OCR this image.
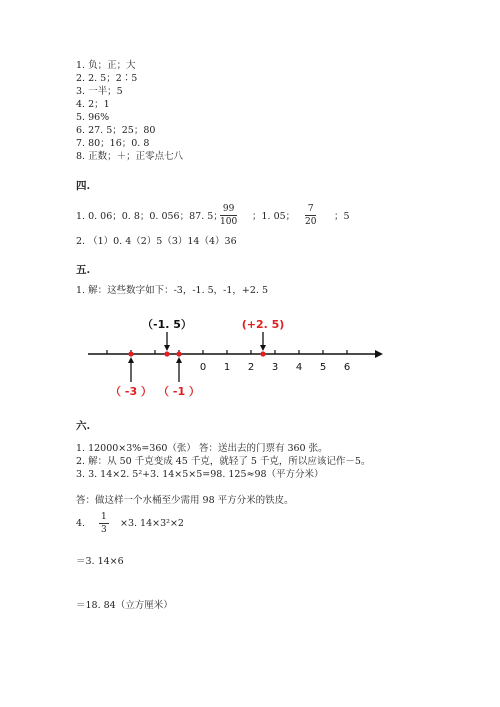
1. 负；正；大
2. 2. 5；2∶5
3. 一半；5
4. 2；1
5. 96%
6. 27. 5；25；80
7. 80；16；0. 8
8. 正数；＋；正零点七八
四.
1. 0. 06；0. 8；0. 056；87. 5；
$\frac{99}{100}$ ；1. 05； $\frac{7}{20}$ ；5
2. （1）0. 4（2）5（3）14（4）36
五.
1. 解：这些数字如下：-3，-1. 5，-1，+2. 5
0 1 2 3 4 5 6
（-1. 5）	(+2. 5)
（ -3 ） （ -1 ）
六.
1. 12000×3%=360（张） 答：送出去的门票有 360 张。
2. 解：从 50 千克变成 45 千克，就轻了 5 千克，所以应该记作－5。
3. 3. 14×2. 5²+3. 14×5×5=98. 125≈98（平方分米）
答：做这样一个水桶至少需用 98 平方分米的铁皮。
4. $\frac{1}{3} \times 3$. 14×3²×2
＝3. 14×6
＝18. 84（立方厘米）
